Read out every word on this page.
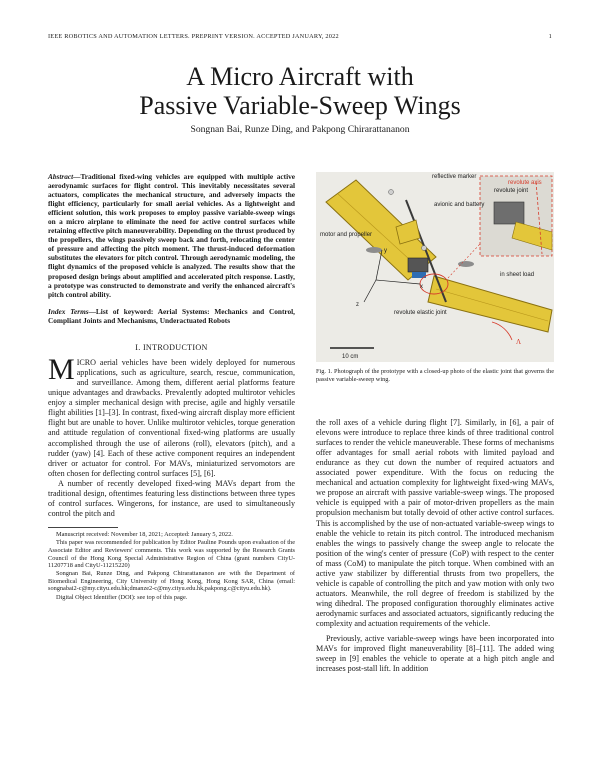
IEEE ROBOTICS AND AUTOMATION LETTERS. PREPRINT VERSION. ACCEPTED JANUARY, 2022	1
A Micro Aircraft with
Passive Variable-Sweep Wings
Songnan Bai, Runze Ding, and Pakpong Chirarattananon

Abstract—Traditional fixed-wing vehicles are equipped with multiple active aerodynamic surfaces for flight control. This inevitably necessitates several actuators, complicates the mechanical structure, and adversely impacts the flight efficiency, particularly for small aerial vehicles. As a lightweight and efficient solution, this work proposes to employ passive variable-sweep wings on a micro airplane to eliminate the need for active control surfaces while retaining effective pitch maneuverability. Depending on the thrust produced by the propellers, the wings passively sweep back and forth, relocating the center of pressure and affecting the pitch moment. The thrust-induced deformation substitutes the elevators for pitch control. Through aerodynamic modeling, the flight dynamics of the proposed vehicle is analyzed. The results show that the proposed design brings about amplified and accelerated pitch response. Lastly, a prototype was constructed to demonstrate and verify the enhanced aircraft's pitch control ability.

Index Terms—List of keyword: Aerial Systems: Mechanics and Control, Compliant Joints and Mechanisms, Underactuated Robots

I. INTRODUCTION

MICRO aerial vehicles have been widely deployed for numerous applications, such as agriculture, search, rescue, communication, and surveillance. Among them, different aerial platforms feature unique advantages and drawbacks. Prevalently adopted multirotor vehicles enjoy a simpler mechanical design with precise, agile and highly versatile flight abilities [1]–[3]. In contrast, fixed-wing aircraft display more efficient flight but are unable to hover. Unlike multirotor vehicles, torque generation and attitude regulation of conventional fixed-wing platforms are usually accomplished through the use of ailerons (roll), elevators (pitch), and a rudder (yaw) [4]. Each of these active component requires an independent driver or actuator for control. For MAVs, miniaturized servomotors are often chosen for deflecting control surfaces [5], [6].

A number of recently developed fixed-wing MAVs depart from the traditional design, oftentimes featuring less distinctions between three types of control surfaces. Wingerons, for instance, are used to simultaneously control the pitch and

Manuscript received: November 18, 2021; Accepted: January 5, 2022.

This paper was recommended for publication by Editor Pauline Pounds upon evaluation of the Associate Editor and Reviewers' comments. This work was supported by the Research Grants Council of the Hong Kong Special Administrative Region of China (grant numbers CityU-11207718 and CityU-11215220)

Songnan Bai, Runze Ding, and Pakpong Chirarattananon are with the Department of Biomedical Engineering, City University of Hong Kong, Hong Kong SAR, China (email: songnabai2-c@my.cityu.edu.hk;dmanze2-c@my.cityu.edu.hk,pakpong.c@cityu.edu.hk).

Digital Object Identifier (DOI): see top of this page.

reflective marker
revolute joint
revolute axis
avionic and battery
motor and propeller
y
x
z
revolute elastic joint
in sheet load
Λ
10 cm

Fig. 1. Photograph of the prototype with a closed-up photo of the elastic joint that governs the passive variable-sweep wing.

the roll axes of a vehicle during flight [7]. Similarly, in [6], a pair of elevons were introduce to replace three kinds of three traditional control surfaces to render the vehicle maneuverable. These forms of mechanisms offer advantages for small aerial robots with limited payload and endurance as they cut down the number of required actuators and associated power expenditure. With the focus on reducing the mechanical and actuation complexity for lightweight fixed-wing MAVs, we propose an aircraft with passive variable-sweep wings. The proposed vehicle is equipped with a pair of motor-driven propellers as the main propulsion mechanism but totally devoid of other active control surfaces. This is accomplished by the use of non-actuated variable-sweep wings to enable the vehicle to retain its pitch control. The introduced mechanism enables the wings to passively change the sweep angle to relocate the position of the wing's center of pressure (CoP) with respect to the center of mass (CoM) to manipulate the pitch torque. When combined with an active yaw stabilizer by differential thrusts from two propellers, the vehicle is capable of controlling the pitch and yaw motion with only two actuators. Meanwhile, the roll degree of freedom is stabilized by the wing dihedral. The proposed configuration thoroughly eliminates active aerodynamic surfaces and associated actuators, significantly reducing the complexity and actuation requirements of the vehicle.

Previously, active variable-sweep wings have been incorporated into MAVs for improved flight maneuverability [8]–[11]. The added wing sweep in [9] enables the vehicle to operate at a high pitch angle and increases post-stall lift. In addition
